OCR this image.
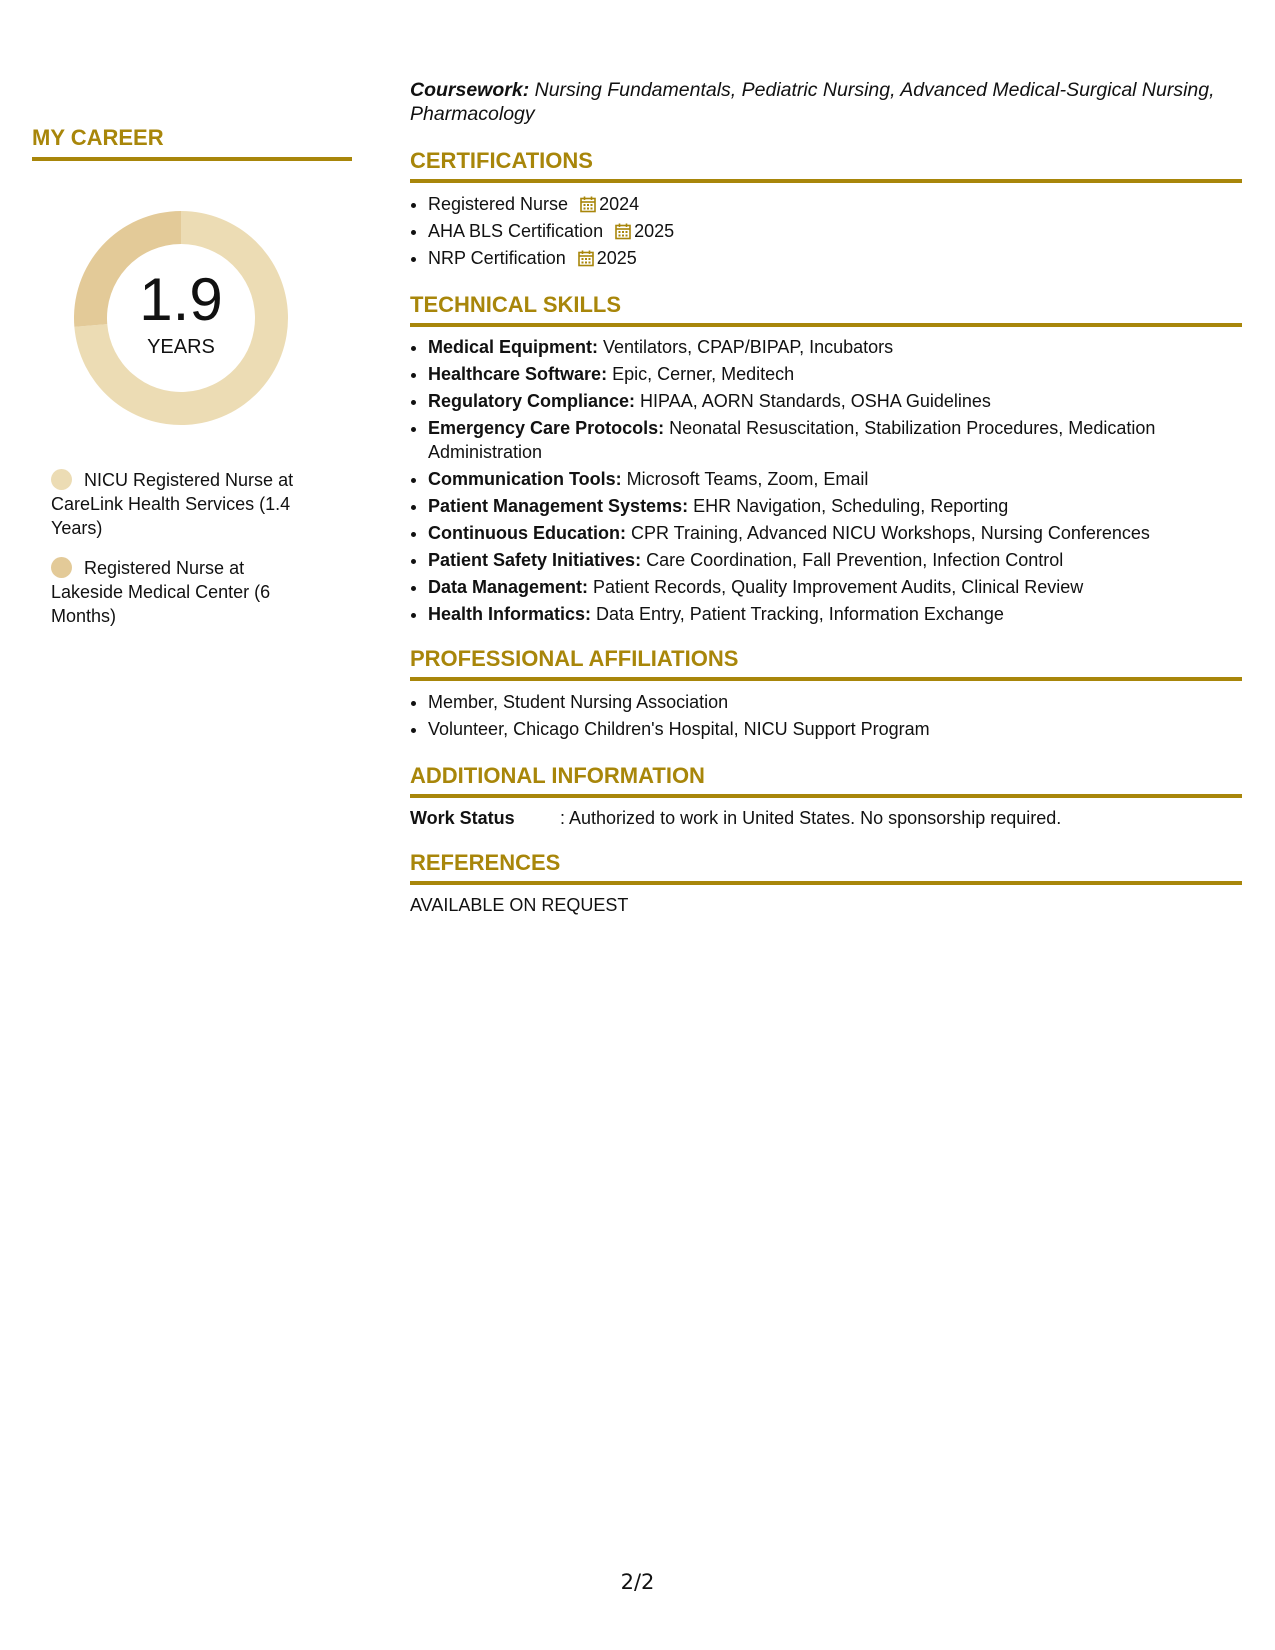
MY CAREER
1.9
YEARS
NICU Registered Nurse at CareLink Health Services (1.4 Years)
Registered Nurse at Lakeside Medical Center (6 Months)
Coursework: Nursing Fundamentals, Pediatric Nursing, Advanced Medical-Surgical Nursing, Pharmacology
CERTIFICATIONS
• Registered Nurse 2024
• AHA BLS Certification 2025
• NRP Certification 2025
TECHNICAL SKILLS
• Medical Equipment: Ventilators, CPAP/BIPAP, Incubators
• Healthcare Software: Epic, Cerner, Meditech
• Regulatory Compliance: HIPAA, AORN Standards, OSHA Guidelines
• Emergency Care Protocols: Neonatal Resuscitation, Stabilization Procedures, Medication Administration
• Communication Tools: Microsoft Teams, Zoom, Email
• Patient Management Systems: EHR Navigation, Scheduling, Reporting
• Continuous Education: CPR Training, Advanced NICU Workshops, Nursing Conferences
• Patient Safety Initiatives: Care Coordination, Fall Prevention, Infection Control
• Data Management: Patient Records, Quality Improvement Audits, Clinical Review
• Health Informatics: Data Entry, Patient Tracking, Information Exchange
PROFESSIONAL AFFILIATIONS
• Member, Student Nursing Association
• Volunteer, Chicago Children's Hospital, NICU Support Program
ADDITIONAL INFORMATION
Work Status	: Authorized to work in United States. No sponsorship required.
REFERENCES
AVAILABLE ON REQUEST
2/2
